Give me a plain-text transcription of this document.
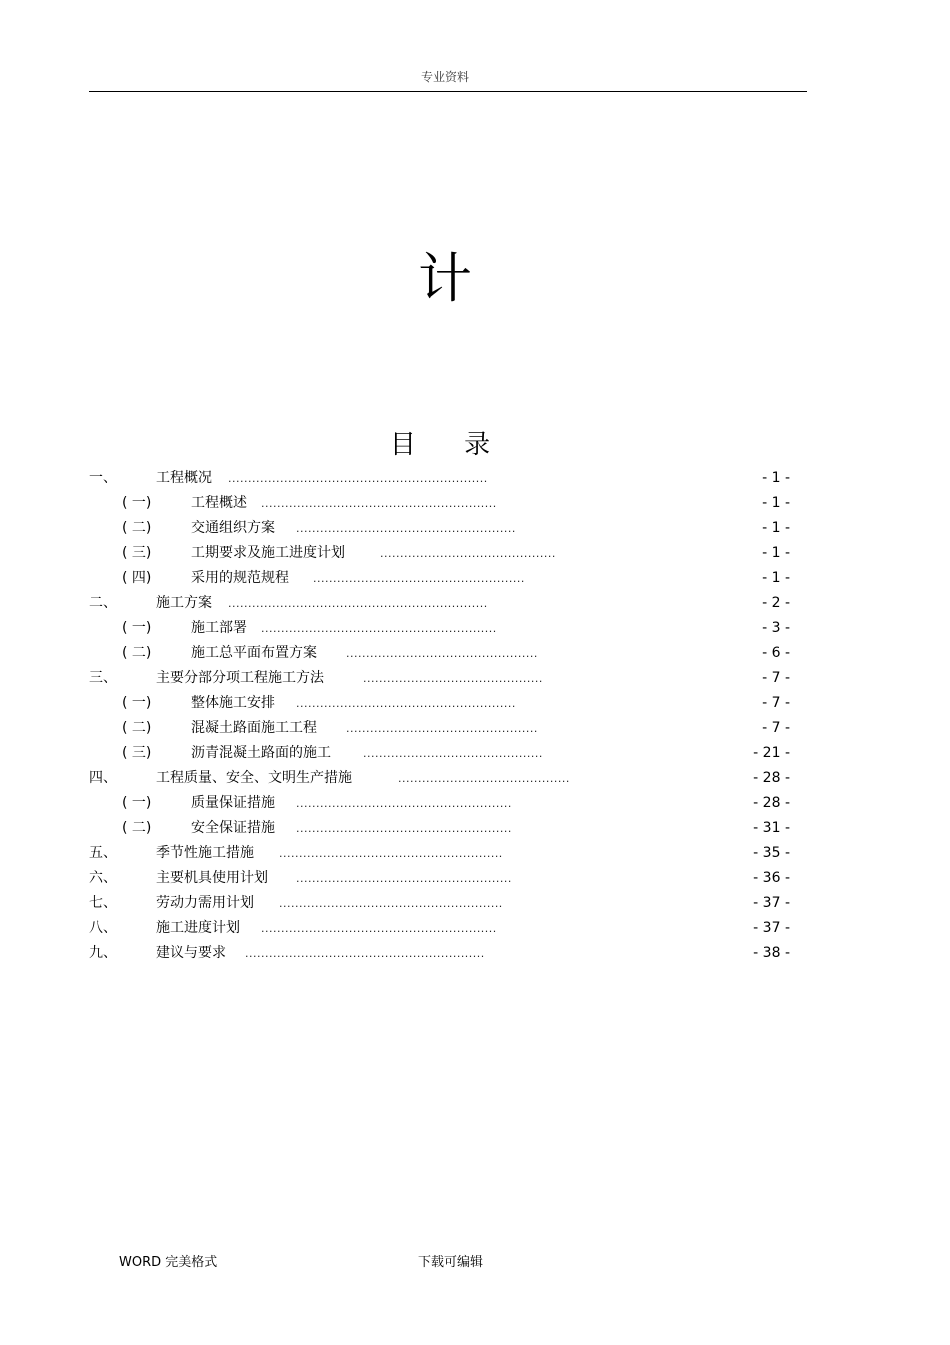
专业资料
计
目 录
一、	工程概况 .................................................................	- 1 -
( 一)	工程概述 ...........................................................	- 1 -
( 二)	交通组织方案 .......................................................	- 1 -
( 三)	工期要求及施工进度计划	............................................	- 1 -
( 四)	采用的规范规程 .....................................................	- 1 -
二、	施工方案 .................................................................	- 2 -
( 一)	施工部署 ...........................................................	- 3 -
( 二)	施工总平面布置方案	................................................	- 6 -
三、	主要分部分项工程施工方法	.............................................	- 7 -
( 一)	整体施工安排 .......................................................	- 7 -
( 二)	混凝土路面施工工程	................................................	- 7 -
( 三)	沥青混凝土路面的施工	.............................................	- 21 -
四、	工程质量、安全、文明生产措施	...........................................	- 28 -
( 一)	质量保证措施 ......................................................	- 28 -
( 二)	安全保证措施 ......................................................	- 31 -
五、	季节性施工措施 ........................................................	- 35 -
六、	主要机具使用计划	......................................................	- 36 -
七、	劳动力需用计划 ........................................................	- 37 -
八、	施工进度计划 ...........................................................	- 37 -
九、	建议与要求 ............................................................	- 38 -
WORD 完美格式	下载可编辑
